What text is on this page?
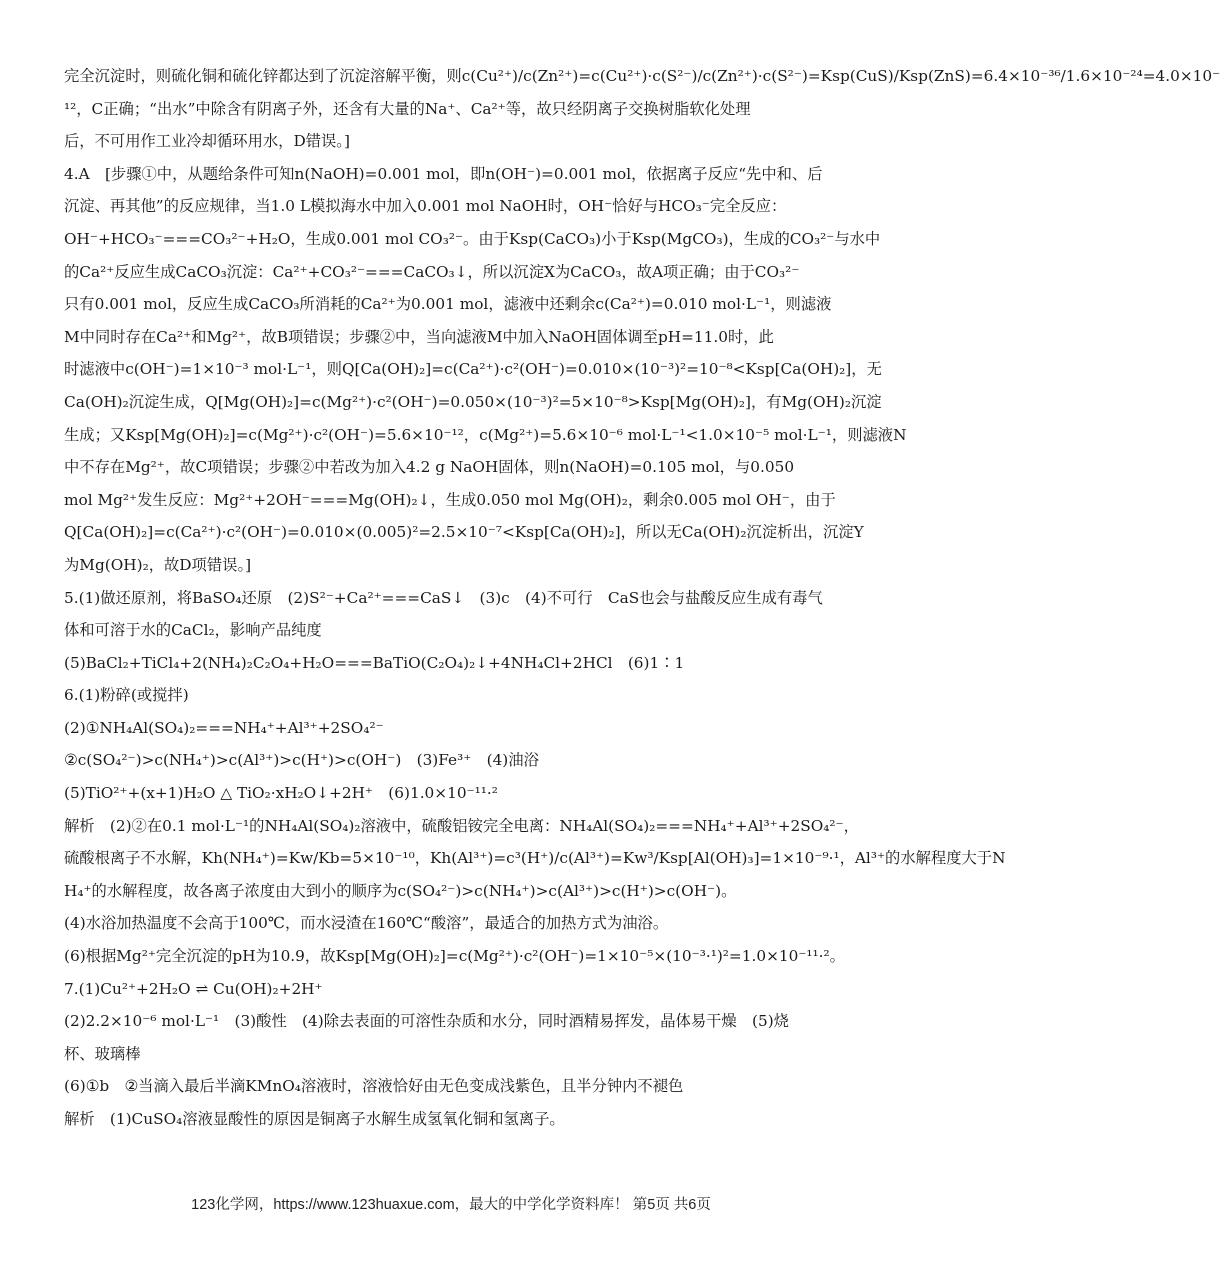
完全沉淀时，则硫化铜和硫化锌都达到了沉淀溶解平衡，则c(Cu²⁺)/c(Zn²⁺)=c(Cu²⁺)·c(S²⁻)/c(Zn²⁺)·c(S²⁻)=Ksp(CuS)/Ksp(ZnS)=6.4×10⁻³⁶/1.6×10⁻²⁴=4.0×10⁻
¹²，C正确；“出水”中除含有阴离子外，还含有大量的Na⁺、Ca²⁺等，故只经阴离子交换树脂软化处理
后，不可用作工业冷却循环用水，D错误。]
4.A　[步骤①中，从题给条件可知n(NaOH)=0.001 mol，即n(OH⁻)=0.001 mol，依据离子反应“先中和、后
沉淀、再其他”的反应规律，当1.0 L模拟海水中加入0.001 mol NaOH时，OH⁻恰好与HCO₃⁻完全反应：
OH⁻+HCO₃⁻===CO₃²⁻+H₂O，生成0.001 mol CO₃²⁻。由于Ksp(CaCO₃)小于Ksp(MgCO₃)，生成的CO₃²⁻与水中
的Ca²⁺反应生成CaCO₃沉淀：Ca²⁺+CO₃²⁻===CaCO₃↓，所以沉淀X为CaCO₃，故A项正确；由于CO₃²⁻
只有0.001 mol，反应生成CaCO₃所消耗的Ca²⁺为0.001 mol，滤液中还剩余c(Ca²⁺)=0.010 mol·L⁻¹，则滤液
M中同时存在Ca²⁺和Mg²⁺，故B项错误；步骤②中，当向滤液M中加入NaOH固体调至pH=11.0时，此
时滤液中c(OH⁻)=1×10⁻³ mol·L⁻¹，则Q[Ca(OH)₂]=c(Ca²⁺)·c²(OH⁻)=0.010×(10⁻³)²=10⁻⁸<Ksp[Ca(OH)₂]，无
Ca(OH)₂沉淀生成，Q[Mg(OH)₂]=c(Mg²⁺)·c²(OH⁻)=0.050×(10⁻³)²=5×10⁻⁸>Ksp[Mg(OH)₂]，有Mg(OH)₂沉淀
生成；又Ksp[Mg(OH)₂]=c(Mg²⁺)·c²(OH⁻)=5.6×10⁻¹²，c(Mg²⁺)=5.6×10⁻⁶ mol·L⁻¹<1.0×10⁻⁵ mol·L⁻¹，则滤液N
中不存在Mg²⁺，故C项错误；步骤②中若改为加入4.2 g NaOH固体，则n(NaOH)=0.105 mol，与0.050
mol Mg²⁺发生反应：Mg²⁺+2OH⁻===Mg(OH)₂↓，生成0.050 mol Mg(OH)₂，剩余0.005 mol OH⁻，由于
Q[Ca(OH)₂]=c(Ca²⁺)·c²(OH⁻)=0.010×(0.005)²=2.5×10⁻⁷<Ksp[Ca(OH)₂]，所以无Ca(OH)₂沉淀析出，沉淀Y
为Mg(OH)₂，故D项错误。]
5.(1)做还原剂，将BaSO₄还原　(2)S²⁻+Ca²⁺===CaS↓　(3)c　(4)不可行　CaS也会与盐酸反应生成有毒气
体和可溶于水的CaCl₂，影响产品纯度
(5)BaCl₂+TiCl₄+2(NH₄)₂C₂O₄+H₂O===BaTiO(C₂O₄)₂↓+4NH₄Cl+2HCl　(6)1∶1
6.(1)粉碎(或搅拌)
(2)①NH₄Al(SO₄)₂===NH₄⁺+Al³⁺+2SO₄²⁻
②c(SO₄²⁻)>c(NH₄⁺)>c(Al³⁺)>c(H⁺)>c(OH⁻)　(3)Fe³⁺　(4)油浴
(5)TiO²⁺+(x+1)H₂O △ TiO₂·xH₂O↓+2H⁺　(6)1.0×10⁻¹¹·²
解析　(2)②在0.1 mol·L⁻¹的NH₄Al(SO₄)₂溶液中，硫酸铝铵完全电离：NH₄Al(SO₄)₂===NH₄⁺+Al³⁺+2SO₄²⁻，
硫酸根离子不水解，Kh(NH₄⁺)=Kw/Kb=5×10⁻¹⁰，Kh(Al³⁺)=c³(H⁺)/c(Al³⁺)=Kw³/Ksp[Al(OH)₃]=1×10⁻⁹·¹，Al³⁺的水解程度大于N
H₄⁺的水解程度，故各离子浓度由大到小的顺序为c(SO₄²⁻)>c(NH₄⁺)>c(Al³⁺)>c(H⁺)>c(OH⁻)。
(4)水浴加热温度不会高于100℃，而水浸渣在160℃“酸溶”，最适合的加热方式为油浴。
(6)根据Mg²⁺完全沉淀的pH为10.9，故Ksp[Mg(OH)₂]=c(Mg²⁺)·c²(OH⁻)=1×10⁻⁵×(10⁻³·¹)²=1.0×10⁻¹¹·²。
7.(1)Cu²⁺+2H₂O ⇌ Cu(OH)₂+2H⁺
(2)2.2×10⁻⁶ mol·L⁻¹　(3)酸性　(4)除去表面的可溶性杂质和水分，同时酒精易挥发，晶体易干燥　(5)烧
杯、玻璃棒
(6)①b　②当滴入最后半滴KMnO₄溶液时，溶液恰好由无色变成浅紫色，且半分钟内不褪色
解析　(1)CuSO₄溶液显酸性的原因是铜离子水解生成氢氧化铜和氢离子。
123化学网，https://www.123huaxue.com，最大的中学化学资料库！ 第5页 共6页
